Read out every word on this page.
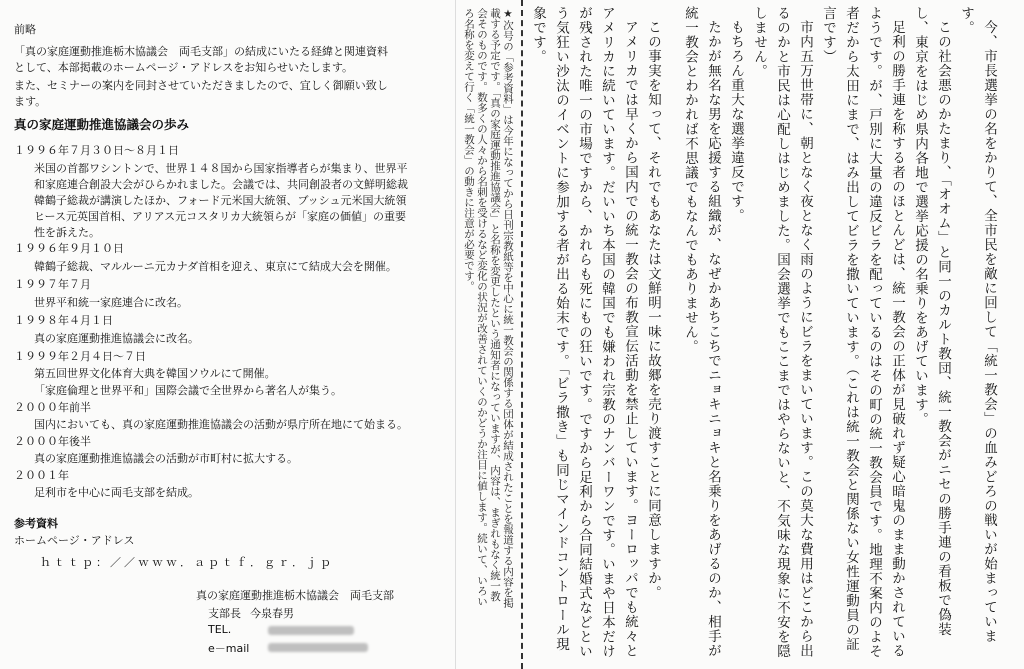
前略
「真の家庭運動推進栃木協議会　両毛支部」の結成にいたる経緯と関連資料
として、本部掲載のホームページ・アドレスをお知らせいたします。
また、セミナーの案内を同封させていただきましたので、宜しく御願い致し
ます。
真の家庭運動推進協議会の歩み
１９９６年７月３０日～８月１日
米国の首都ワシントンで、世界１４８国から国家指導者らが集まり、世界平
和家庭連合創設大会がひらかれました。会議では、共同創設者の文鮮明総裁
韓鶴子総裁が講演したほか、フォード元米国大統領、ブッシュ元米国大統領
ヒース元英国首相、アリアス元コスタリカ大統領らが「家庭の価値」の重要
性を訴えた。
１９９６年９月１０日
韓鶴子総裁、マルルーニ元カナダ首相を迎え、東京にて結成大会を開催。
１９９７年７月
世界平和統一家庭連合に改名。
１９９８年４月１日
真の家庭運動推進協議会に改名。
１９９９年２月４日～７日
第五回世界文化体育大典を韓国ソウルにて開催。
「家庭倫理と世界平和」国際会議で全世界から著名人が集う。
２０００年前半
国内においても、真の家庭運動推進協議会の活動が県庁所在地にて始まる。
２０００年後半
真の家庭運動推進協議会の活動が市町村に拡大する。
２００１年
足利市を中心に両毛支部を結成。
参考資料
ホームページ・アドレス
ｈｔｔｐ：／／ｗｗｗ．ａｐｔｆ．ｇｒ．ｊｐ
真の家庭運動推進栃木協議会　両毛支部
支部長 今泉春男
TEL.
e－mail

★次号の「参考資料」は今年になってから日刊宗教紙等を中心に統一教会の関係する団体が結成されたことを報道する内容を掲載する予定です。「真の家庭運動推進協議会」と名称を変更したという通知者になっていますが、内容は、まぎれもなく統一教会そのものです。数多くの人々から名刺を受けるなど変化の状況が改善されていくのかどうか注目に値します。続いて、いろいろ名称を変えて行く「統一教会」の動きに注意が必要です。	今、市長選挙の名をかりて、全市民を敵に回して「統一教会」の血みどろの戦いが始まっています。

この社会悪のかたまり、「オオム」と同一のカルト教団、統一教会がニセの勝手連の看板で偽装し、東京をはじめ県内各地で選挙応援の名乗りをあげています。

足利の勝手連を称する者のほとんどは、統一教会の正体が見破れず疑心暗鬼のまま動かされているようです。が、戸別に大量の違反ビラを配っているのはその町の統一教会員です。地理不案内のよそ者だから太田にまで、はみ出してビラを撒いています。（これは統一教会と関係ない女性運動員の証言です）

市内五万世帯に、朝となく夜となく雨のようにビラをまいています。この莫大な費用はどこから出るのかと市民は心配しはじめました。国会選挙でもここまではやらないと、不気味な現象に不安を隠しません。

もちろん重大な選挙違反です。

たかが無名な男を応援する組織が、なぜかあちこちでニョキニョキと名乗りをあげるのか、相手が統一教会とわかれば不思議でもなんでもありません。

この事実を知って、それでもあなたは文鮮明一味に故郷を売り渡すことに同意しますか。

アメリカでは早くから国内での統一教会の布教宣伝活動を禁止しています。ヨーロッパでも統々とアメリカに続いています。だいいち本国の韓国でも嫌われ宗教のナンバーワンです。いまや日本だけが残された唯一の市場ですから、かれらも死にもの狂いです。ですから足利から合同結婚式などという気狂い沙汰のイベントに参加する者が出る始末です。「ビラ撒き」も同じマインドコントロール現象です。
